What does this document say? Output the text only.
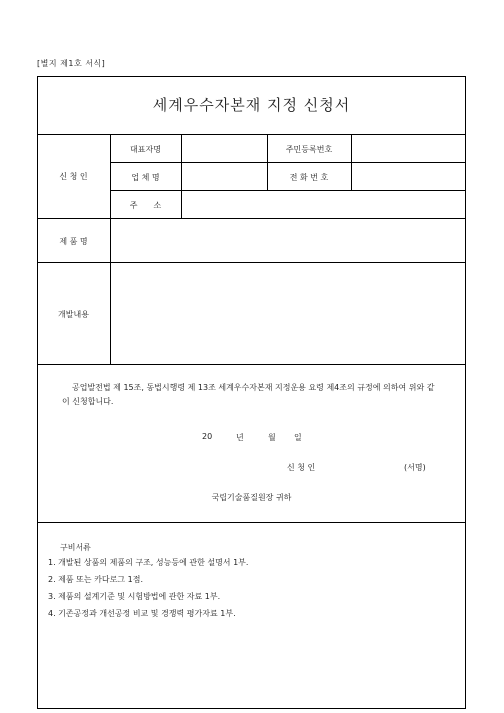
[별지 제1호 서식]
세계우수자본재 지정 신청서
신 청 인
대표자명	주민등록번호
업 체 명	전 화 번 호
주　　소
제 품 명
개발내용
공업발전법 제 15조, 동법시행령 제 13조 세계우수자본재 지정운용 요령 제4조의 규정에 의하여 위와 같이 신청합니다.
20	년	월 일
신 청 인	(서명)
국립기술품질원장 귀하
구비서류
1. 개발된 상품의 제품의 구조, 성능등에 관한 설명서 1부.
2. 제품 또는 카다로그 1점.
3. 제품의 설계기준 및 시험방법에 관한 자료 1부.
4. 기존공정과 개선공정 비교 및 경쟁력 평가자료 1부.
